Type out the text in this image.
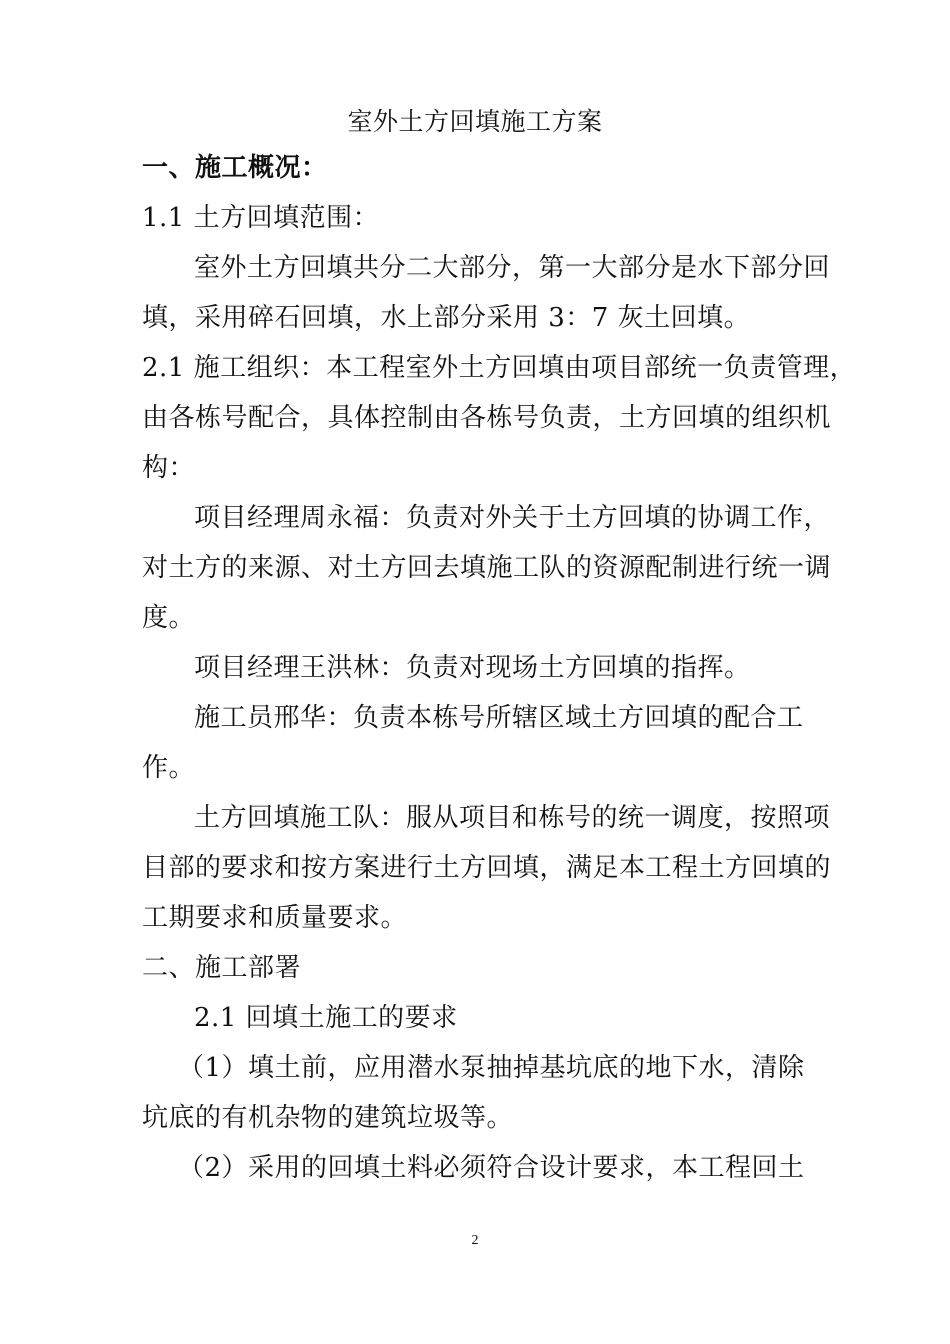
室外土方回填施工方案
一、施工概况：
1.1 土方回填范围：
室外土方回填共分二大部分，第一大部分是水下部分回
填，采用碎石回填，水上部分采用 3：7 灰土回填。
2.1 施工组织：本工程室外土方回填由项目部统一负责管理，
由各栋号配合，具体控制由各栋号负责，土方回填的组织机
构：
项目经理周永福：负责对外关于土方回填的协调工作，
对土方的来源、对土方回去填施工队的资源配制进行统一调
度。
项目经理王洪林：负责对现场土方回填的指挥。
施工员邢华：负责本栋号所辖区域土方回填的配合工
作。
土方回填施工队：服从项目和栋号的统一调度，按照项
目部的要求和按方案进行土方回填，满足本工程土方回填的
工期要求和质量要求。
二、施工部署
2.1 回填土施工的要求
（1）填土前，应用潜水泵抽掉基坑底的地下水，清除
坑底的有机杂物的建筑垃圾等。
（2）采用的回填土料必须符合设计要求，本工程回土
2
